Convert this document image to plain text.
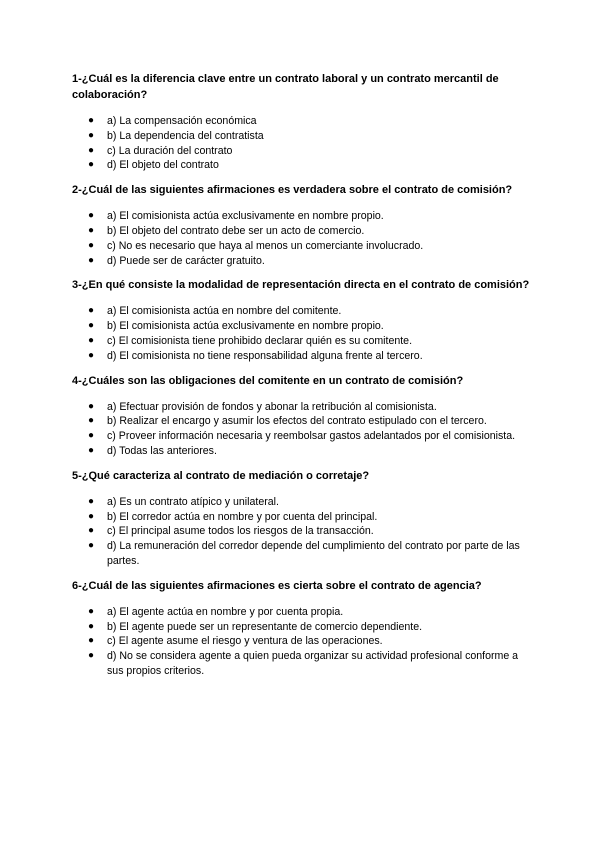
1-¿Cuál es la diferencia clave entre un contrato laboral y un contrato mercantil de colaboración?

● a) La compensación económica
● b) La dependencia del contratista
● c) La duración del contrato
● d) El objeto del contrato

2-¿Cuál de las siguientes afirmaciones es verdadera sobre el contrato de comisión?

● a) El comisionista actúa exclusivamente en nombre propio.
● b) El objeto del contrato debe ser un acto de comercio.
● c) No es necesario que haya al menos un comerciante involucrado.
● d) Puede ser de carácter gratuito.

3-¿En qué consiste la modalidad de representación directa en el contrato de comisión?

● a) El comisionista actúa en nombre del comitente.
● b) El comisionista actúa exclusivamente en nombre propio.
● c) El comisionista tiene prohibido declarar quién es su comitente.
● d) El comisionista no tiene responsabilidad alguna frente al tercero.

4-¿Cuáles son las obligaciones del comitente en un contrato de comisión?

● a) Efectuar provisión de fondos y abonar la retribución al comisionista.
● b) Realizar el encargo y asumir los efectos del contrato estipulado con el tercero.
● c) Proveer información necesaria y reembolsar gastos adelantados por el comisionista.
● d) Todas las anteriores.

5-¿Qué caracteriza al contrato de mediación o corretaje?

● a) Es un contrato atípico y unilateral.
● b) El corredor actúa en nombre y por cuenta del principal.
● c) El principal asume todos los riesgos de la transacción.
● d) La remuneración del corredor depende del cumplimiento del contrato por parte de las partes.

6-¿Cuál de las siguientes afirmaciones es cierta sobre el contrato de agencia?

● a) El agente actúa en nombre y por cuenta propia.
● b) El agente puede ser un representante de comercio dependiente.
● c) El agente asume el riesgo y ventura de las operaciones.
● d) No se considera agente a quien pueda organizar su actividad profesional conforme a sus propios criterios.
